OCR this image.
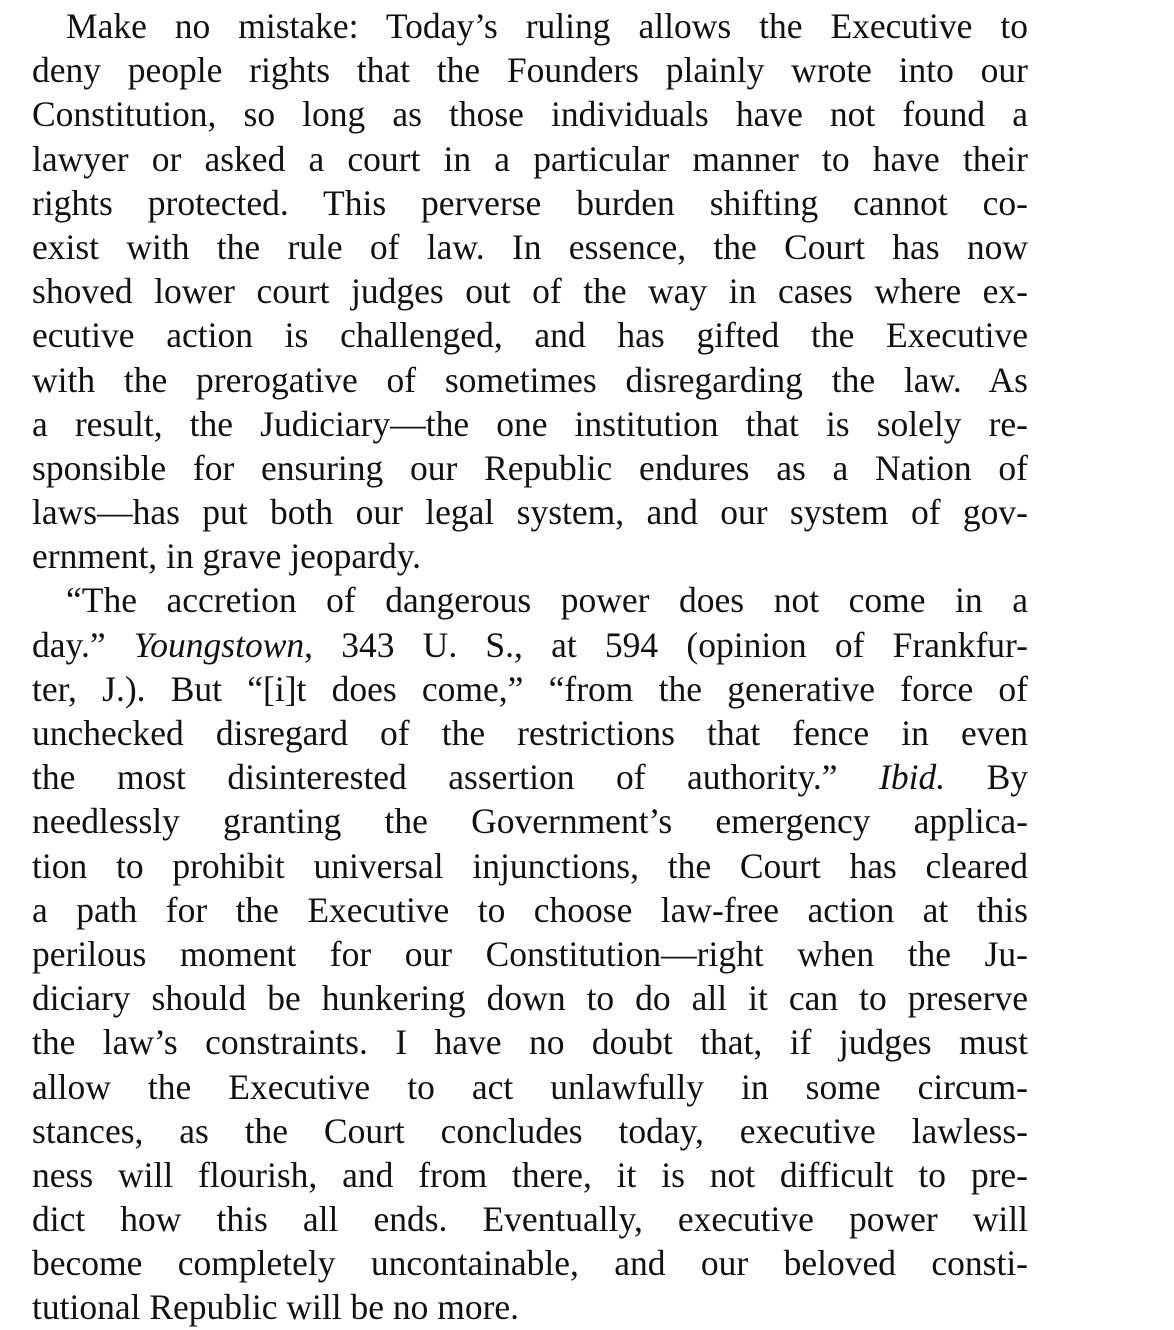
Make no mistake: Today’s ruling allows the Executive to
deny people rights that the Founders plainly wrote into our
Constitution, so long as those individuals have not found a
lawyer or asked a court in a particular manner to have their
rights protected. This perverse burden shifting cannot co-
exist with the rule of law. In essence, the Court has now
shoved lower court judges out of the way in cases where ex-
ecutive action is challenged, and has gifted the Executive
with the prerogative of sometimes disregarding the law. As
a result, the Judiciary—the one institution that is solely re-
sponsible for ensuring our Republic endures as a Nation of
laws—has put both our legal system, and our system of gov-
ernment, in grave jeopardy.
“The accretion of dangerous power does not come in a
day.” Youngstown, 343 U. S., at 594 (opinion of Frankfur-
ter, J.). But “[i]t does come,” “from the generative force of
unchecked disregard of the restrictions that fence in even
the most disinterested assertion of authority.” Ibid. By
needlessly granting the Government’s emergency applica-
tion to prohibit universal injunctions, the Court has cleared
a path for the Executive to choose law-free action at this
perilous moment for our Constitution—right when the Ju-
diciary should be hunkering down to do all it can to preserve
the law’s constraints. I have no doubt that, if judges must
allow the Executive to act unlawfully in some circum-
stances, as the Court concludes today, executive lawless-
ness will flourish, and from there, it is not difficult to pre-
dict how this all ends. Eventually, executive power will
become completely uncontainable, and our beloved consti-
tutional Republic will be no more.
